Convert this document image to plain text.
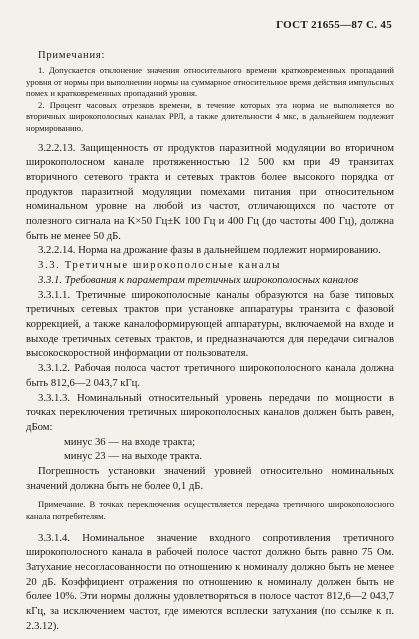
ГОСТ 21655—87 С. 45

Примечания:

1. Допускается отклонение значения относительного времени кратковременных пропаданий уровня от нормы при выполнении нормы на суммарное относительное время действия импульсных помех и кратковременных пропаданий уровня.

2. Процент часовых отрезков времени, в течение которых эта норма не выполняется во вторичных широкополосных каналах РРЛ, а также длительности 4 мкс, в дальнейшем подлежит нормированию.

3.2.2.13. Защищенность от продуктов паразитной модуляции во вторичном широкополосном канале протяженностью 12 500 км при 49 транзитах вторичного сетевого тракта и сетевых трактов более высокого порядка от продуктов паразитной модуляции помехами питания при относительном номинальном уровне на любой из частот, отличающихся по частоте от полезного сигнала на K×50 Гц±K 100 Гц и 400 Гц (до частоты 400 Гц), должна быть не менее 50 дБ.

3.2.2.14. Норма на дрожание фазы в дальнейшем подлежит нормированию.

3.3. Третичные широкополосные каналы

3.3.1. Требования к параметрам третичных широкополосных каналов

3.3.1.1. Третичные широкополосные каналы образуются на базе типовых третичных сетевых трактов при установке аппаратуры транзита с фазовой коррекцией, а также каналоформирующей аппаратуры, включаемой на входе и выходе третичных сетевых трактов, и предназначаются для передачи сигналов высокоскоростной информации от пользователя.

3.3.1.2. Рабочая полоса частот третичного широкополосного канала должна быть 812,6—2 043,7 кГц.

3.3.1.3. Номинальный относительный уровень передачи по мощности в точках переключения третичных широкополосных каналов должен быть равен, дБом:

минус 36 — на входе тракта;
минус 23 — на выходе тракта.

Погрешность установки значений уровней относительно номинальных значений должна быть не более 0,1 дБ.

Примечание. В точках переключения осуществляется передача третичного широкополосного канала потребителям.

3.3.1.4. Номинальное значение входного сопротивления третичного широкополосного канала в рабочей полосе частот должно быть равно 75 Ом. Затухание несогласованности по отношению к номиналу должно быть не менее 20 дБ. Коэффициент отражения по отношению к номиналу должен быть не более 10%. Эти нормы должны удовлетворяться в полосе частот 812,6—2 043,7 кГц, за исключением частот, где имеются всплески затухания (по ссылке к п. 2.3.12).
